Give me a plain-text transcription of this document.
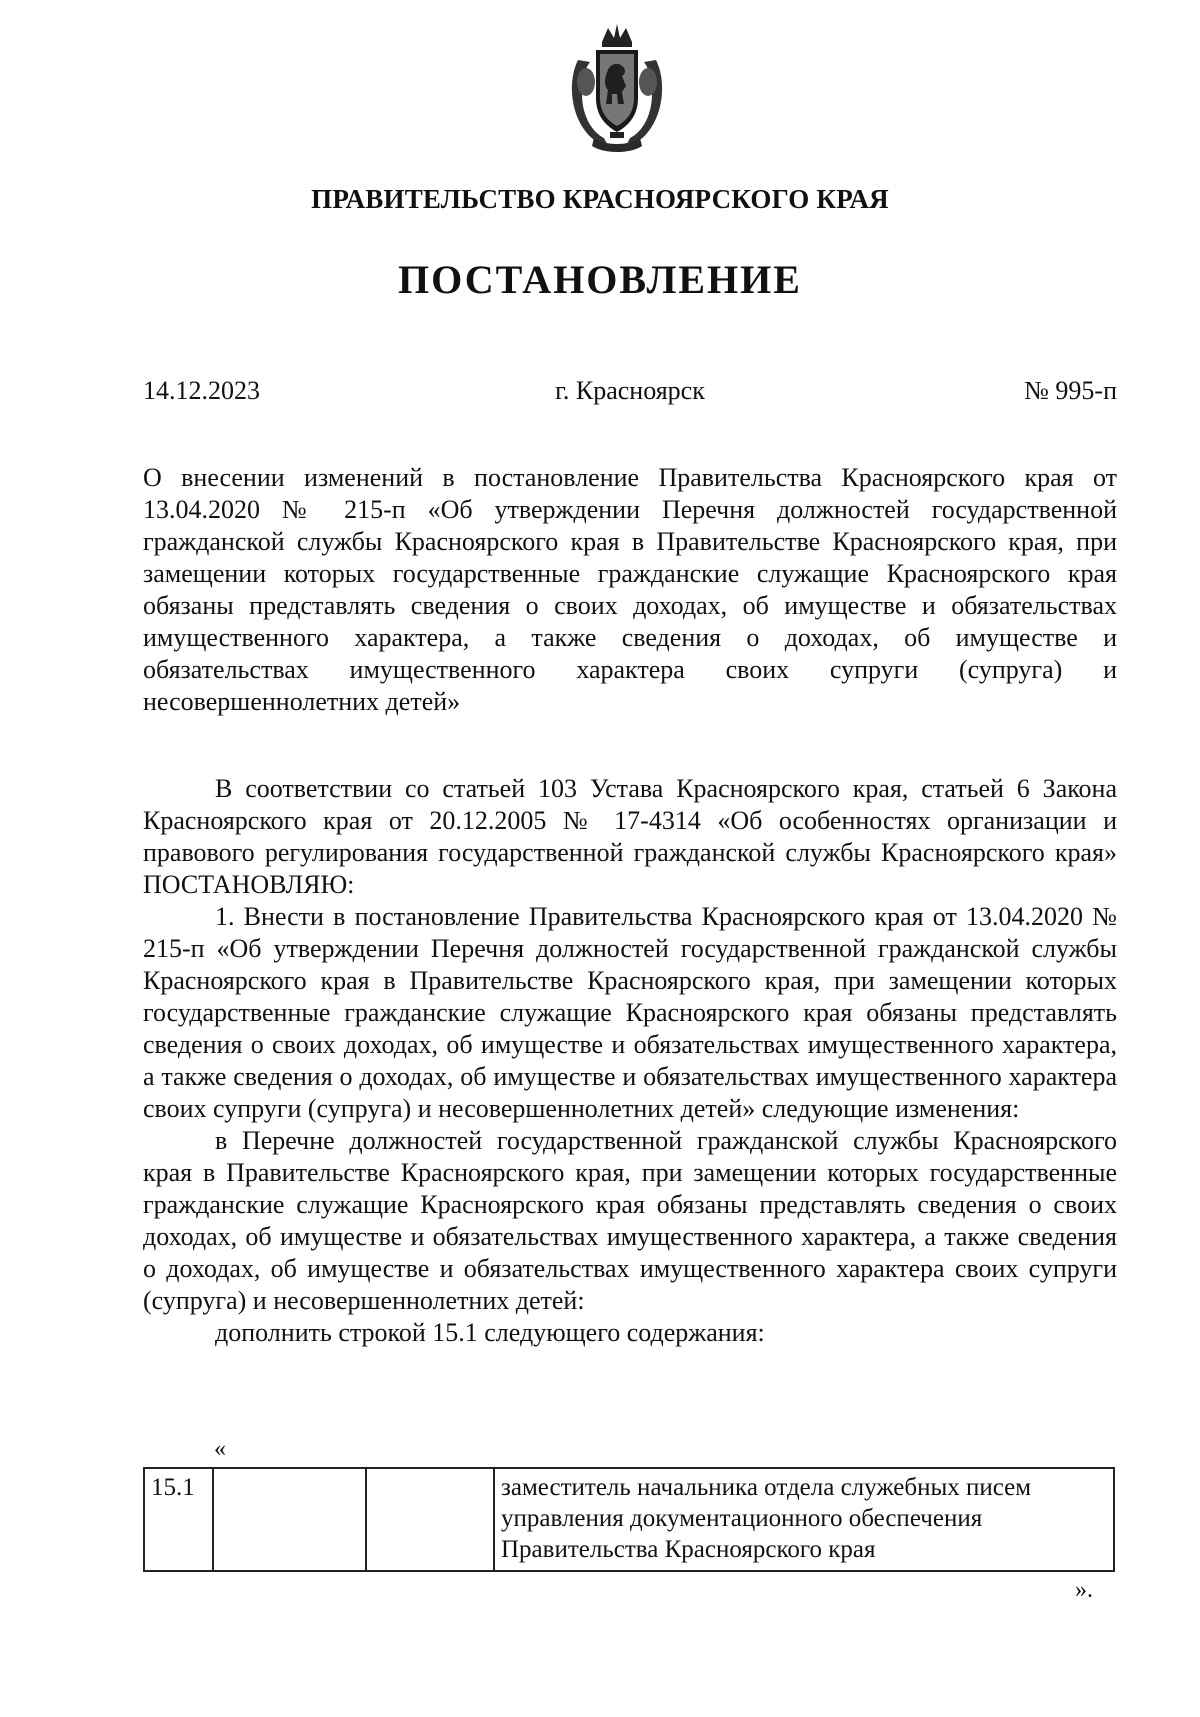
ПРАВИТЕЛЬСТВО КРАСНОЯРСКОГО КРАЯ
ПОСТАНОВЛЕНИЕ
14.12.2023	г. Красноярск	№ 995-п

О внесении изменений в постановление Правительства Красноярского края от 13.04.2020 № 215-п «Об утверждении Перечня должностей государственной гражданской службы Красноярского края в Правительстве Красноярского края, при замещении которых государственные гражданские служащие Красноярского края обязаны представлять сведения о своих доходах, об имуществе и обязательствах имущественного характера, а также сведения о доходах, об имуществе и обязательствах имущественного характера своих супруги (супруга) и несовершеннолетних детей»

В соответствии со статьей 103 Устава Красноярского края, статьей 6 Закона Красноярского края от 20.12.2005 № 17-4314 «Об особенностях организации и правового регулирования государственной гражданской службы Красноярского края» ПОСТАНОВЛЯЮ:

1. Внести в постановление Правительства Красноярского края от 13.04.2020 № 215-п «Об утверждении Перечня должностей государственной гражданской службы Красноярского края в Правительстве Красноярского края, при замещении которых государственные гражданские служащие Красноярского края обязаны представлять сведения о своих доходах, об имуществе и обязательствах имущественного характера, а также сведения о доходах, об имуществе и обязательствах имущественного характера своих супруги (супруга) и несовершеннолетних детей» следующие изменения:

в Перечне должностей государственной гражданской службы Красноярского края в Правительстве Красноярского края, при замещении которых государственные гражданские служащие Красноярского края обязаны представлять сведения о своих доходах, об имуществе и обязательствах имущественного характера, а также сведения о доходах, об имуществе и обязательствах имущественного характера своих супруги (супруга) и несовершеннолетних детей:

дополнить строкой 15.1 следующего содержания:

«
15.1			заместитель начальника отдела служебных писем управления документационного обеспечения Правительства Красноярского края
».
